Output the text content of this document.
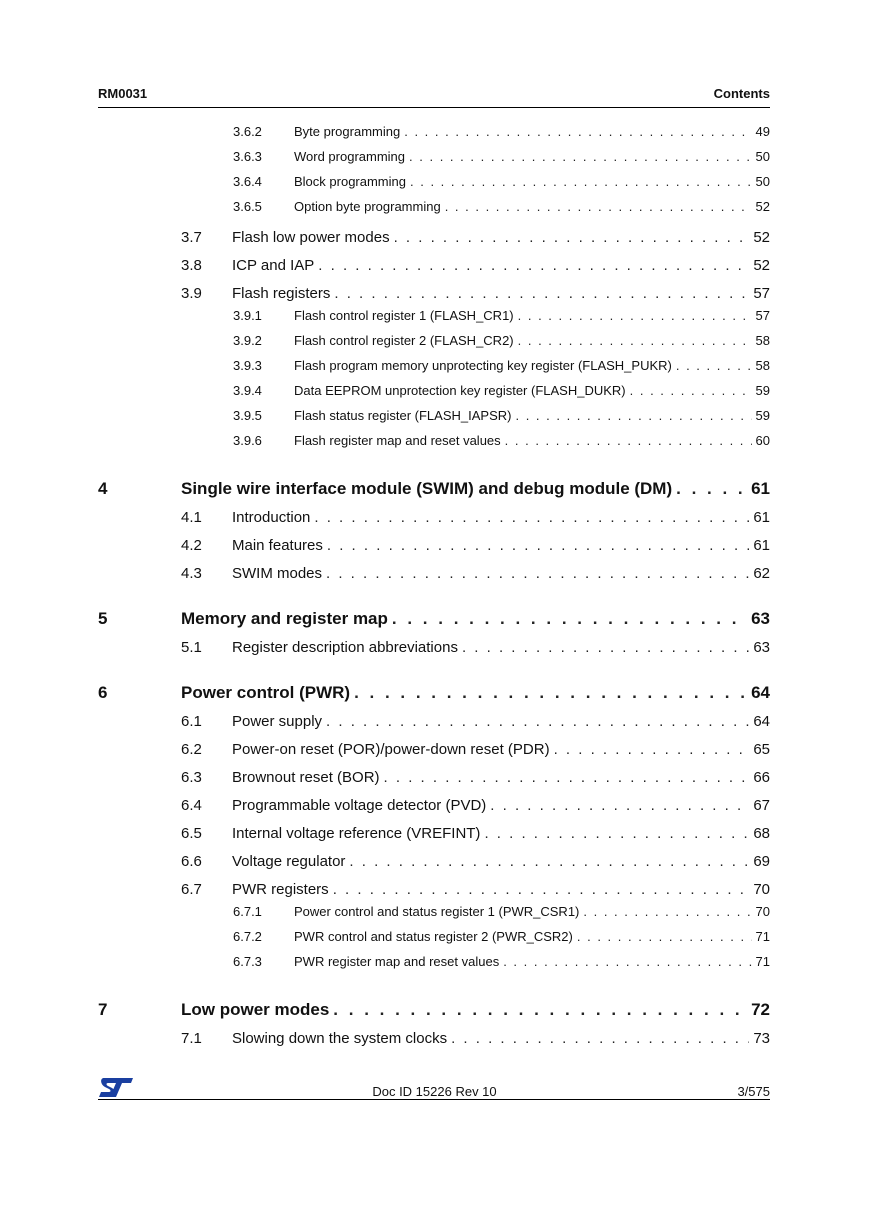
RM0031	Contents
3.6.2 Byte programming . . .	49
3.6.3 Word programming . . .	50
3.6.4 Block programming . . .	50
3.6.5 Option byte programming . . .	52
3.7 Flash low power modes . . .	52
3.8 ICP and IAP . . .	52
3.9 Flash registers . . .	57
3.9.1 Flash control register 1 (FLASH_CR1) . . .	57
3.9.2 Flash control register 2 (FLASH_CR2) . . .	58
3.9.3 Flash program memory unprotecting key register (FLASH_PUKR) . . .	58
3.9.4 Data EEPROM unprotection key register (FLASH_DUKR) . . .	59
3.9.5 Flash status register (FLASH_IAPSR) . . .	59
3.9.6 Flash register map and reset values . . .	60
4	Single wire interface module (SWIM) and debug module (DM) . . .	61
4.1 Introduction . . .	61
4.2 Main features . . .	61
4.3 SWIM modes . . .	62
5	Memory and register map . . .	63
5.1 Register description abbreviations . . .	63
6	Power control (PWR) . . .	64
6.1 Power supply . . .	64
6.2 Power-on reset (POR)/power-down reset (PDR) . . .	65
6.3 Brownout reset (BOR) . . .	66
6.4 Programmable voltage detector (PVD) . . .	67
6.5 Internal voltage reference (VREFINT) . . .	68
6.6 Voltage regulator . . .	69
6.7 PWR registers . . .	70
6.7.1 Power control and status register 1 (PWR_CSR1) . . .	70
6.7.2 PWR control and status register 2 (PWR_CSR2) . . .	71
6.7.3 PWR register map and reset values . . .	71
7	Low power modes . . .	72
7.1 Slowing down the system clocks . . .	73
Doc ID 15226 Rev 10	3/575
